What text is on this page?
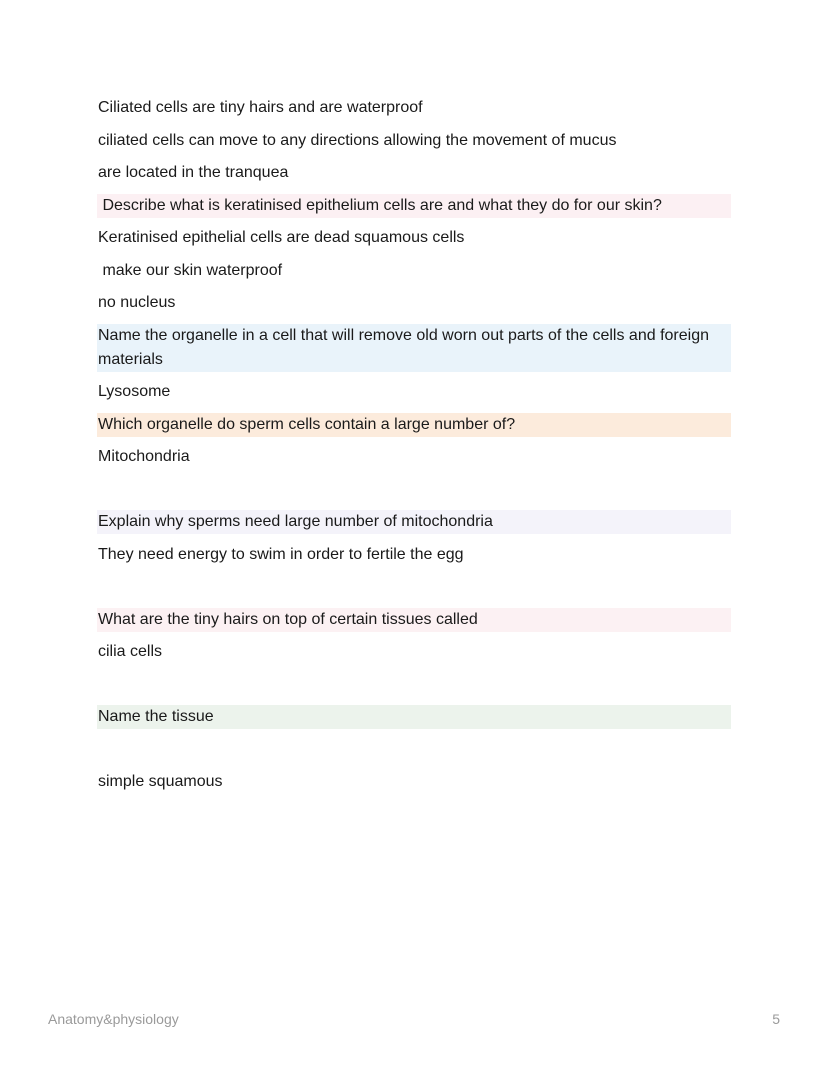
Ciliated cells are tiny hairs and are waterproof
ciliated cells can move to any directions allowing the movement of mucus
are located in the tranquea
Describe what is keratinised epithelium cells are and what they do for our skin?
Keratinised epithelial cells are dead squamous cells
make our skin waterproof
no nucleus
Name the organelle in a cell that will remove old worn out parts of the cells and foreign materials
Lysosome
Which organelle do sperm cells contain a large number of?
Mitochondria
Explain why sperms need large number of mitochondria
They need energy to swim in order to fertile the egg
What are the tiny hairs on top of certain tissues called
cilia cells
Name the tissue
simple squamous
Anatomy&physiology	5
